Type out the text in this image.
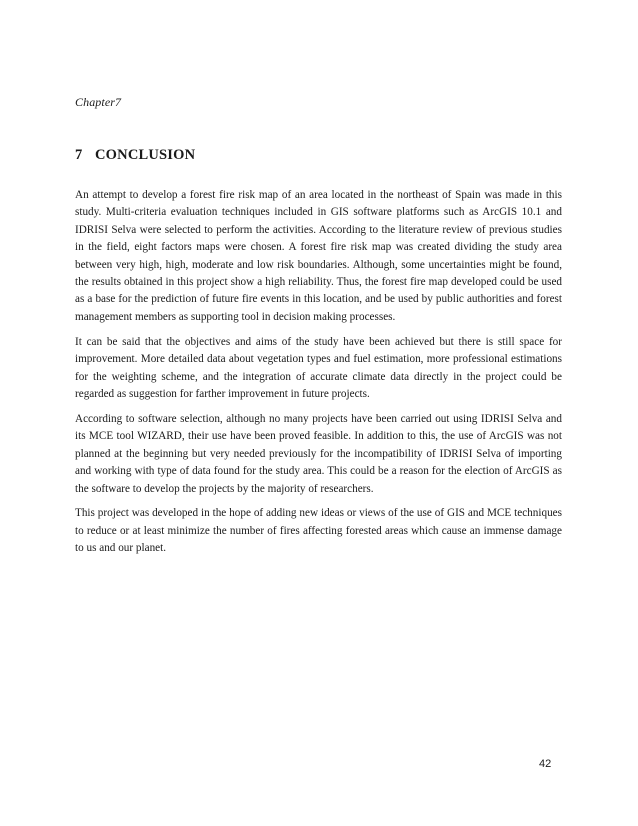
Chapter7
7 CONCLUSION

An attempt to develop a forest fire risk map of an area located in the northeast of Spain was made in this study. Multi-criteria evaluation techniques included in GIS software platforms such as ArcGIS 10.1 and IDRISI Selva were selected to perform the activities. According to the literature review of previous studies in the field, eight factors maps were chosen. A forest fire risk map was created dividing the study area between very high, high, moderate and low risk boundaries. Although, some uncertainties might be found, the results obtained in this project show a high reliability. Thus, the forest fire map developed could be used as a base for the prediction of future fire events in this location, and be used by public authorities and forest management members as supporting tool in decision making processes.

It can be said that the objectives and aims of the study have been achieved but there is still space for improvement. More detailed data about vegetation types and fuel estimation, more professional estimations for the weighting scheme, and the integration of accurate climate data directly in the project could be regarded as suggestion for farther improvement in future projects.

According to software selection, although no many projects have been carried out using IDRISI Selva and its MCE tool WIZARD, their use have been proved feasible. In addition to this, the use of ArcGIS was not planned at the beginning but very needed previously for the incompatibility of IDRISI Selva of importing and working with type of data found for the study area. This could be a reason for the election of ArcGIS as the software to develop the projects by the majority of researchers.

This project was developed in the hope of adding new ideas or views of the use of GIS and MCE techniques to reduce or at least minimize the number of fires affecting forested areas which cause an immense damage to us and our planet.

42
